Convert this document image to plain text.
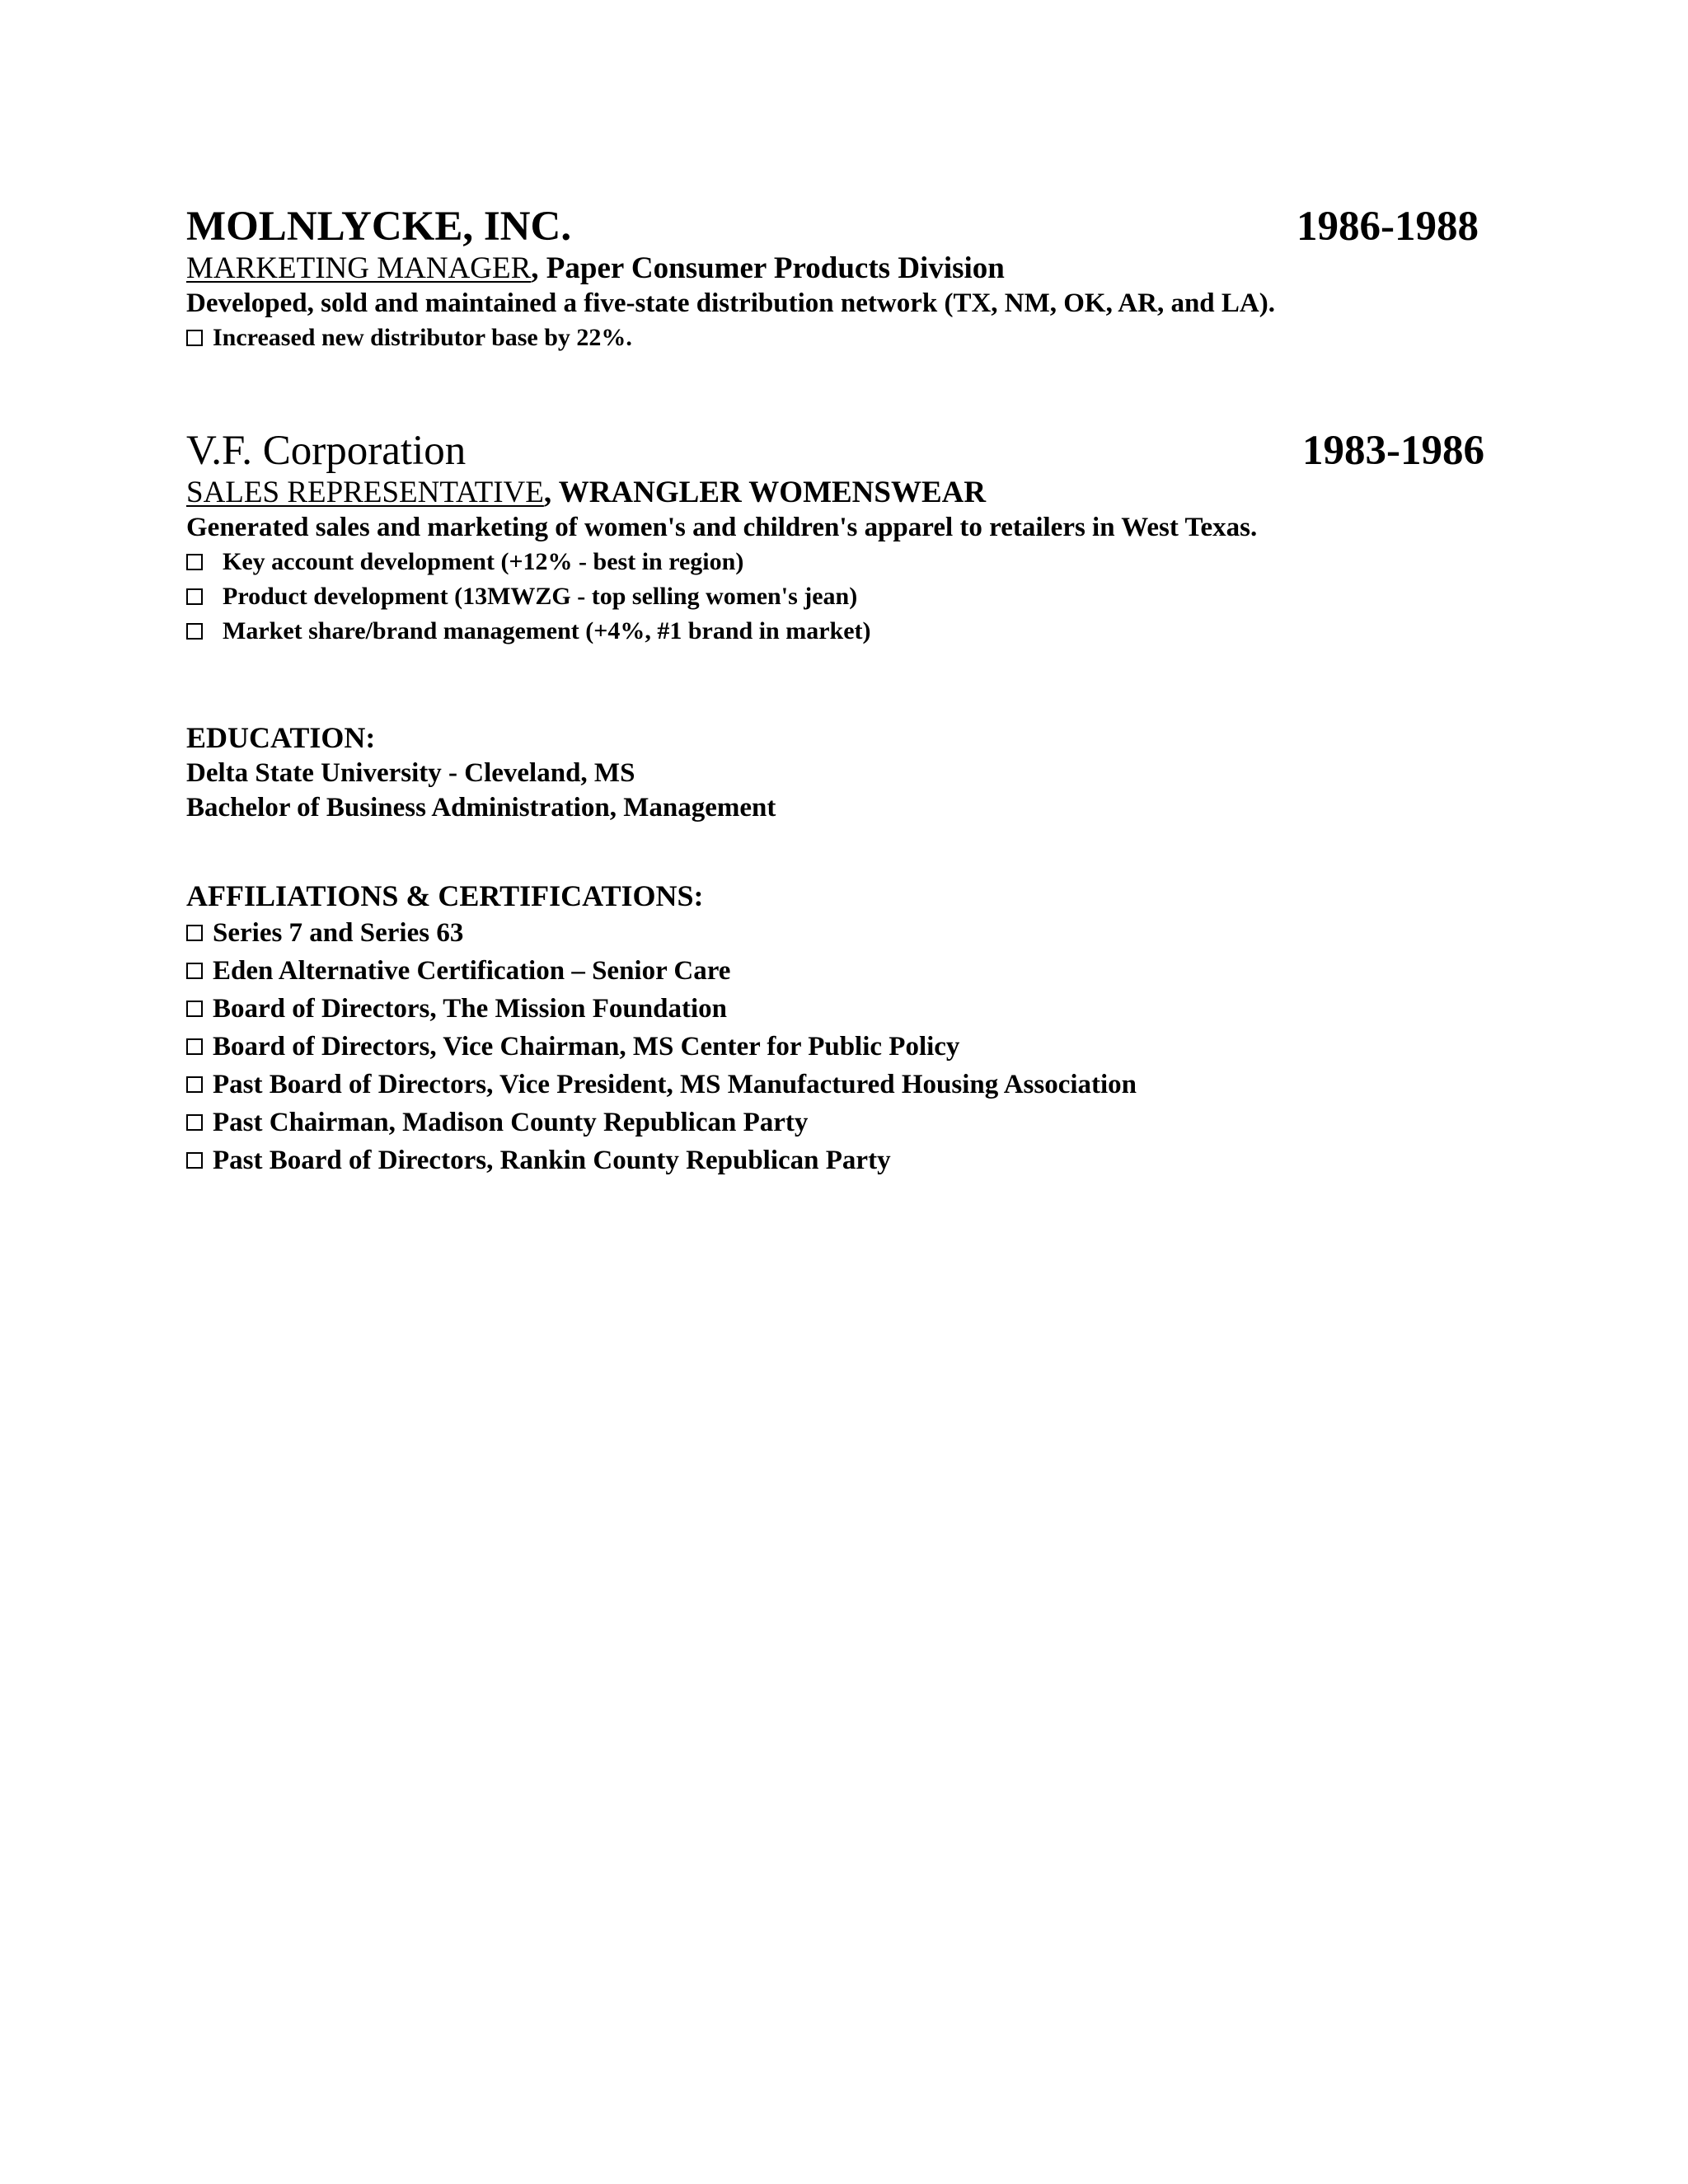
MOLNLYCKE, INC.	1986-1988
MARKETING MANAGER, Paper Consumer Products Division
Developed, sold and maintained a five-state distribution network (TX, NM, OK, AR, and LA).
Increased new distributor base by 22%.
V.F. Corporation	1983-1986
SALES REPRESENTATIVE, WRANGLER WOMENSWEAR
Generated sales and marketing of women's and children's apparel to retailers in West Texas.
Key account development (+12% - best in region)
Product development (13MWZG - top selling women's jean)
Market share/brand management (+4%, #1 brand in market)
EDUCATION:
Delta State University - Cleveland, MS
Bachelor of Business Administration, Management
AFFILIATIONS & CERTIFICATIONS:
Series 7 and Series 63
Eden Alternative Certification – Senior Care
Board of Directors, The Mission Foundation
Board of Directors, Vice Chairman, MS Center for Public Policy
Past Board of Directors, Vice President, MS Manufactured Housing Association
Past Chairman, Madison County Republican Party
Past Board of Directors, Rankin County Republican Party
